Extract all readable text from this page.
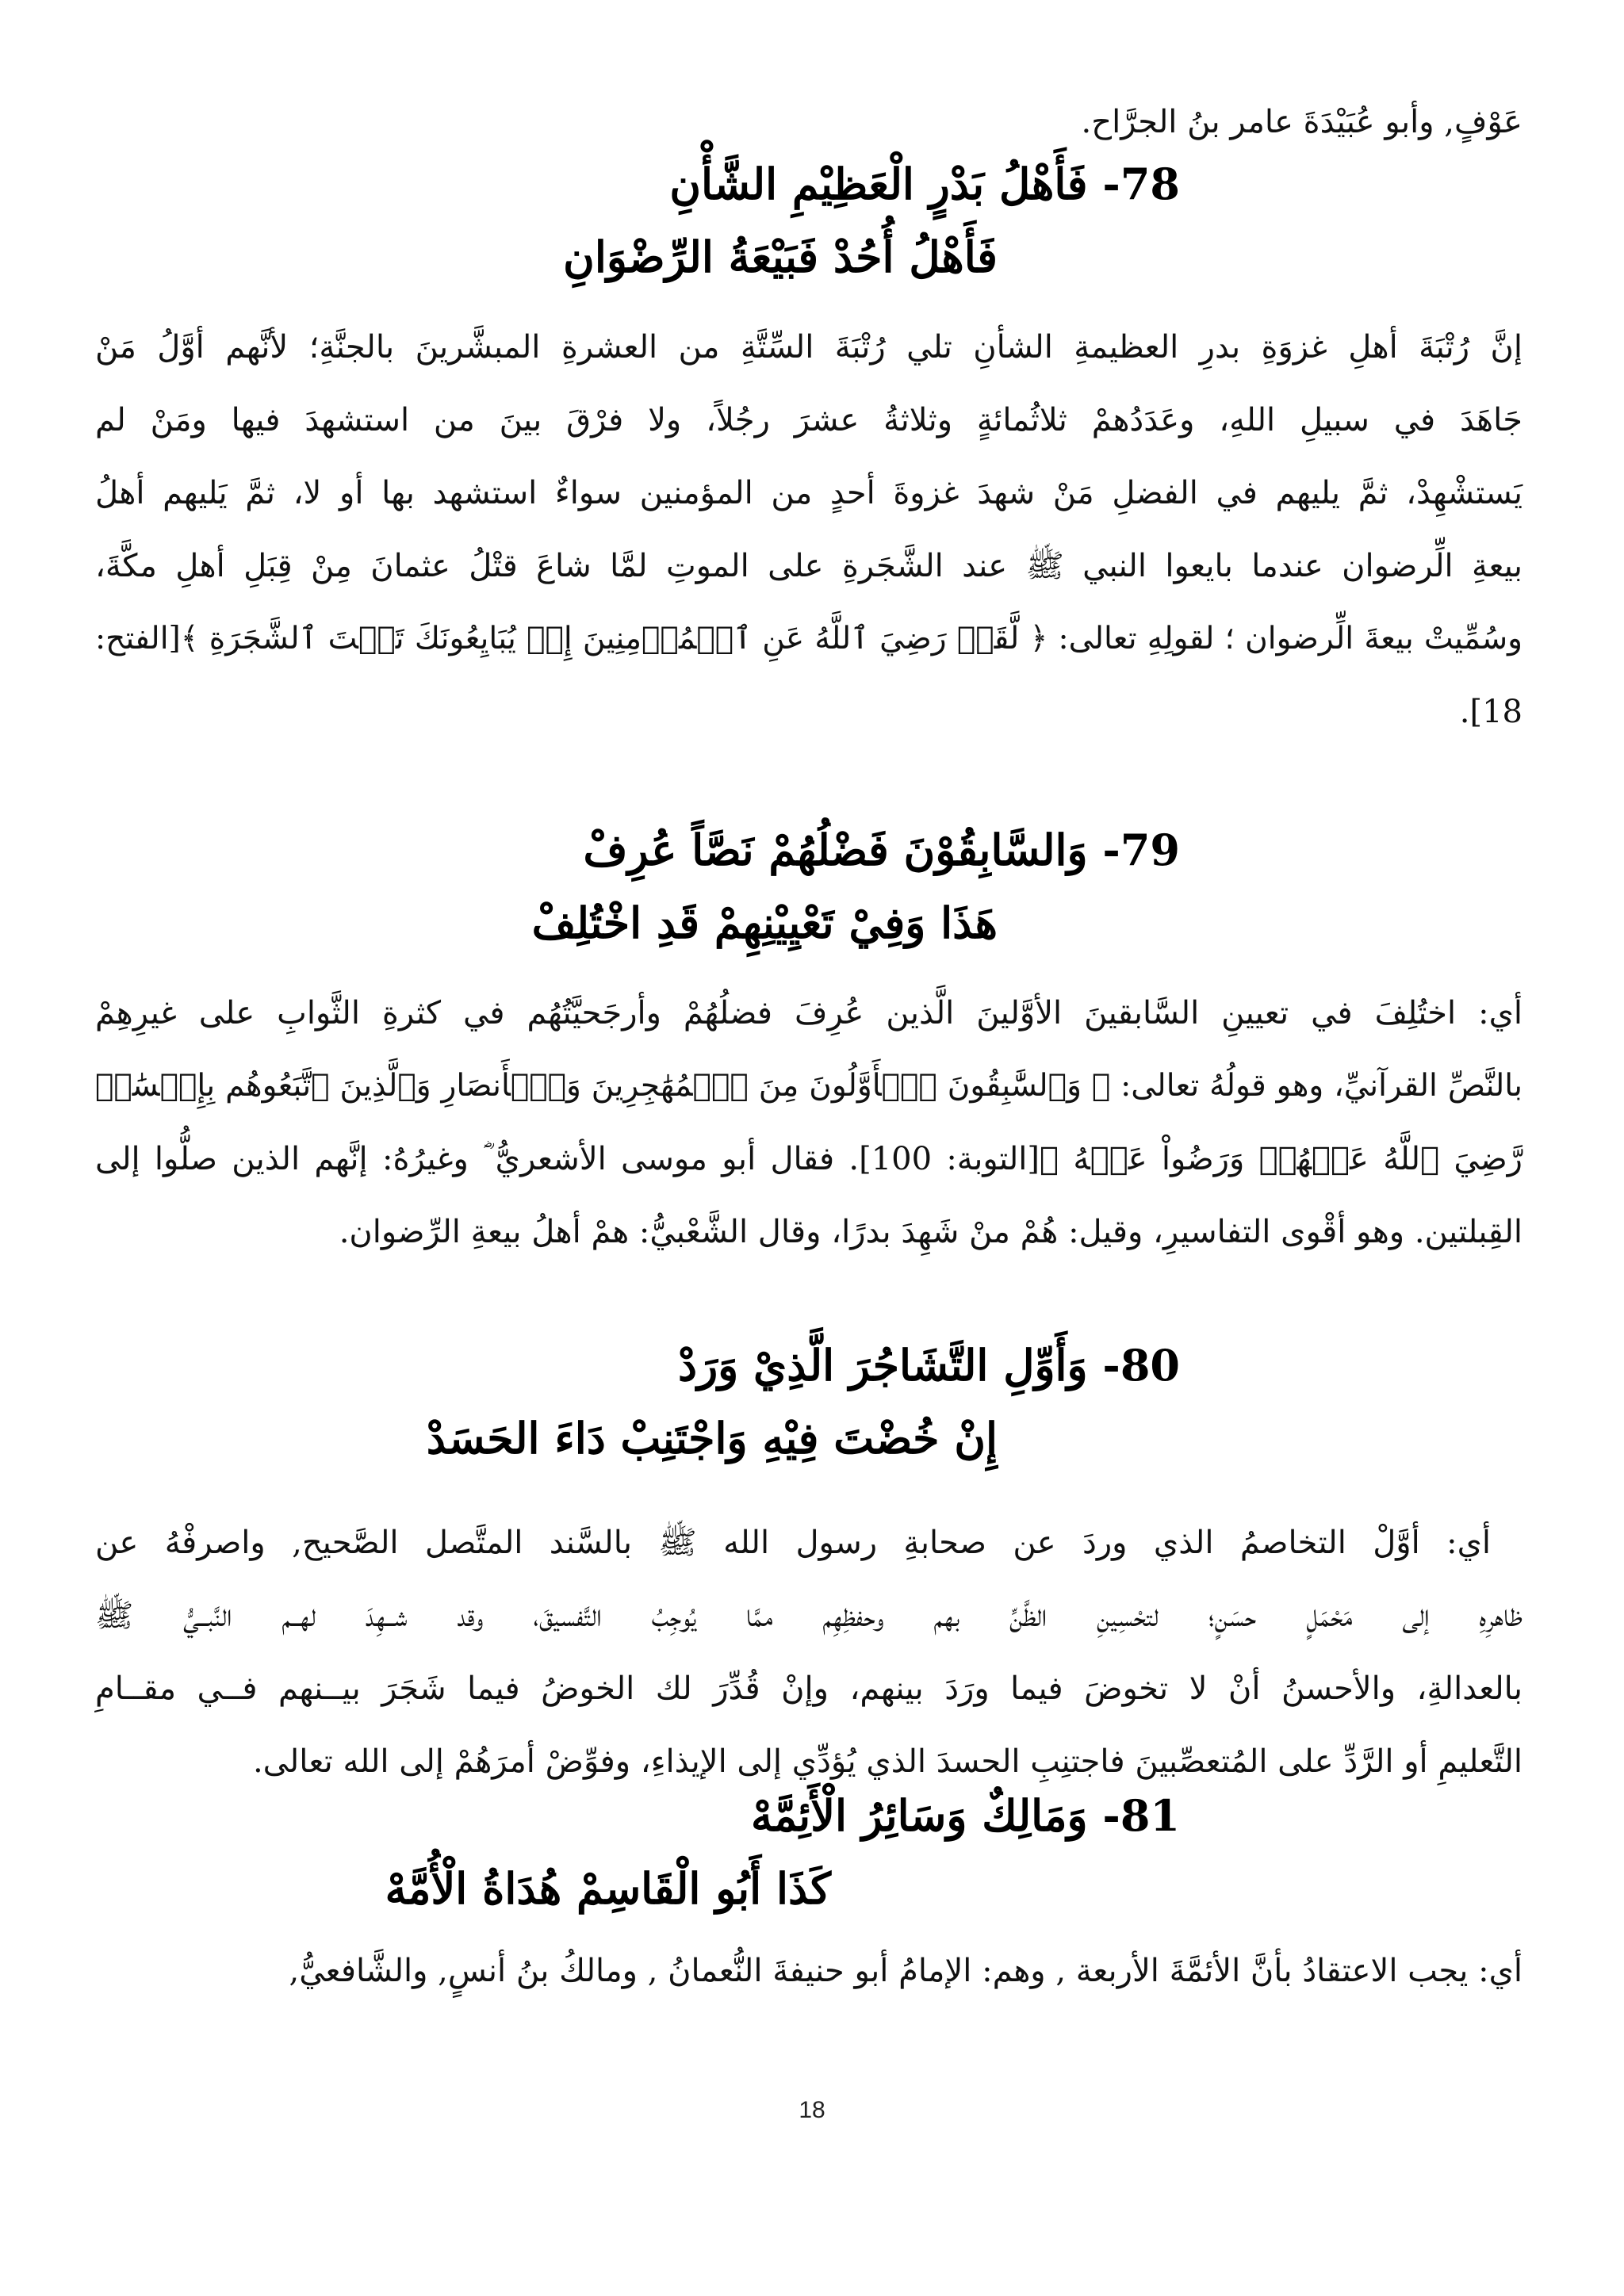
عَوْفٍ, وأبو عُبَيْدَةَ عامر بنُ الجرَّاح.
78- فَأَهْلُ بَدْرٍ الْعَظِيْمِ الشَّأْنِ
فَأَهْلُ أُحُدْ فَبَيْعَةُ الرِّضْوَانِ
إنَّ رُتْبَةَ أهلِ غزوَةِ بدرِ العظيمةِ الشأنِ تلي رُتْبَةَ السِّتَّةِ من العشرةِ المبشَّرينَ بالجنَّةِ؛ لأنَّهم أوَّلُ مَنْ
جَاهَدَ في سبيلِ اللهِ، وعَدَدُهمْ ثلاثُمائةٍ وثلاثةُ عشرَ رجُلاً، ولا فرْقَ بينَ من استشهدَ فيها ومَنْ لم
يَستشْهِدْ، ثمَّ يليهم في الفضلِ مَنْ شهدَ غزوةَ أحدٍ من المؤمنين سواءٌ استشهد بها أو لا، ثمَّ يَليهم أهلُ
بيعةِ الِّرضوان عندما بايعوا النبي ﷺ عند الشَّجَرةِ على الموتِ لمَّا شاعَ قتْلُ عثمانَ مِنْ قِبَلِ أهلِ مكَّةَ،
وسُمِّيتْ بيعةَ الِّرضوان ؛ لقولِهِ تعالى: ﴿ لَّقَدۡ رَضِيَ ٱللَّهُ عَنِ ٱلۡمُؤۡمِنِينَ إِذۡ يُبَايِعُونَكَ تَحۡتَ ٱلشَّجَرَةِ ﴾[الفتح:
18].
79- وَالسَّابِقُوْنَ فَضْلُهُمْ نَصَّاً عُرِفْ
هَذَا وَفِيْ تَعْيِيْنِهِمْ قَدِ اخْتُلِفْ
أي: اختُلِفَ في تعيينِ السَّابقينَ الأوَّلينَ الَّذين عُرِفَ فضلُهُمْ وأرجَحيَّتُهُم في كثرةِ الثَّوابِ على غيرِهِمْ
بالنَّصِّ القرآنيِّ، وهو قولُهُ تعالى: ﴿ وَٱلسَّٰبِقُونَ ٱلۡأَوَّلُونَ مِنَ ٱلۡمُهَٰجِرِينَ وَٱلۡأَنصَارِ وَٱلَّذِينَ ٱتَّبَعُوهُم بِإِحۡسَٰنٖ
رَّضِيَ ٱللَّهُ عَنۡهُمۡ وَرَضُواْ عَنۡهُ ﴾[التوبة: 100]. فقال أبو موسى الأشعريُّ ؓ وغيرُهُ: إنَّهم الذين صلُّوا إلى
القِبلتين. وهو أقْوى التفاسيرِ، وقيل: هُمْ منْ شَهِدَ بدرًا، وقال الشَّعْبيُّ: همْ أهلُ بيعةِ الرِّضوان.
80- وَأَوِّلِ التَّشَاجُرَ الَّذِيْ وَرَدْ
إِنْ خُضْتَ فِيْهِ وَاجْتَنِبْ دَاءَ الحَسَدْ
أي: أوَّلْ التخاصمُ الذي وردَ عن صحابةِ رسول الله ﷺ بالسَّند المتَّصل الصَّحيح, واصرفْهُ عن
ظاهرِهِ إلى مَحْمَلٍ حسَنٍ؛ لتحْسِينِ الظَّنِّ بهم وحفظِهِم ممَّا يُوجِبُ التَّفسيقَ، وقد شــهِدَ لهــم النَّبــيُّ ﷺ
بالعدالةِ، والأحسنُ أنْ لا تخوضَ فيما ورَدَ بينهم، وإنْ قُدِّرَ لك الخوضُ فيما شَجَرَ بيــنهم فــي مقــامِ
التَّعليمِ أو الرَّدِّ على المُتعصِّبينَ فاجتنِبِ الحسدَ الذي يُؤدِّي إلى الإيذاءِ، وفوِّضْ أمرَهُمْ إلى الله تعالى.
81- وَمَالِكٌ وَسَائِرُ الْأَئِمَّهْ
كَذَا أَبُو الْقَاسِمْ هُدَاةُ الْأُمَّهْ
أي: يجب الاعتقادُ بأنَّ الأئمَّةَ الأربعة , وهم: الإمامُ أبو حنيفةَ النُّعمانُ , ومالكُ بنُ أنسٍ, والشَّافعيُّ,
18
